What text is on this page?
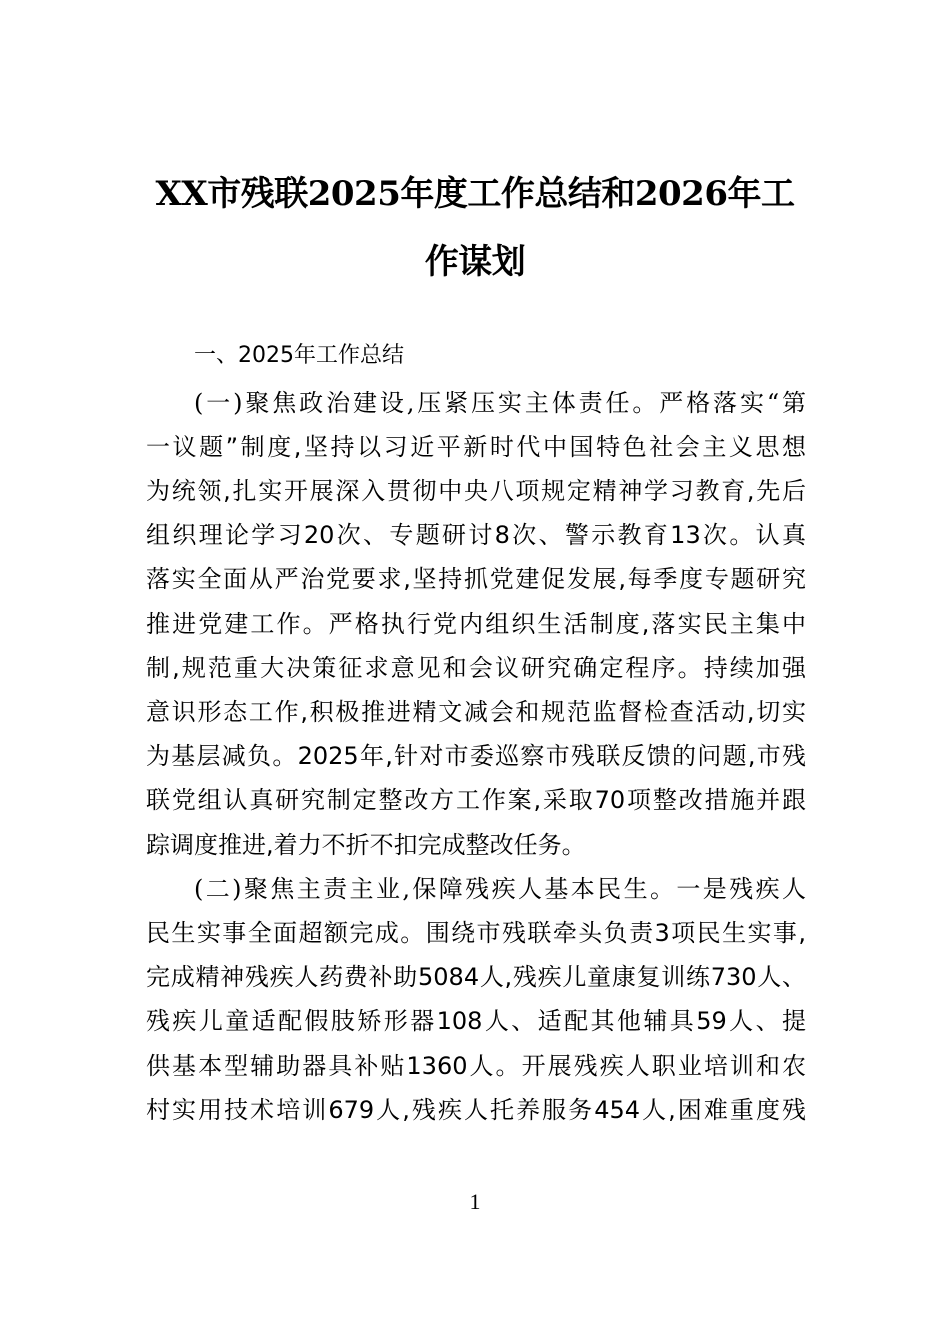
XX市残联2025年度工作总结和2026年工
作谋划
一、2025年工作总结
(一)聚焦政治建设,压紧压实主体责任。严格落实“第
一议题”制度,坚持以习近平新时代中国特色社会主义思想
为统领,扎实开展深入贯彻中央八项规定精神学习教育,先后
组织理论学习20次、专题研讨8次、警示教育13次。认真
落实全面从严治党要求,坚持抓党建促发展,每季度专题研究
推进党建工作。严格执行党内组织生活制度,落实民主集中
制,规范重大决策征求意见和会议研究确定程序。持续加强
意识形态工作,积极推进精文减会和规范监督检查活动,切实
为基层减负。2025年,针对市委巡察市残联反馈的问题,市残
联党组认真研究制定整改方工作案,采取70项整改措施并跟
踪调度推进,着力不折不扣完成整改任务。
(二)聚焦主责主业,保障残疾人基本民生。一是残疾人
民生实事全面超额完成。围绕市残联牵头负责3项民生实事,
完成精神残疾人药费补助5084人,残疾儿童康复训练730人、
残疾儿童适配假肢矫形器108人、适配其他辅具59人、提
供基本型辅助器具补贴1360人。开展残疾人职业培训和农
村实用技术培训679人,残疾人托养服务454人,困难重度残
1
